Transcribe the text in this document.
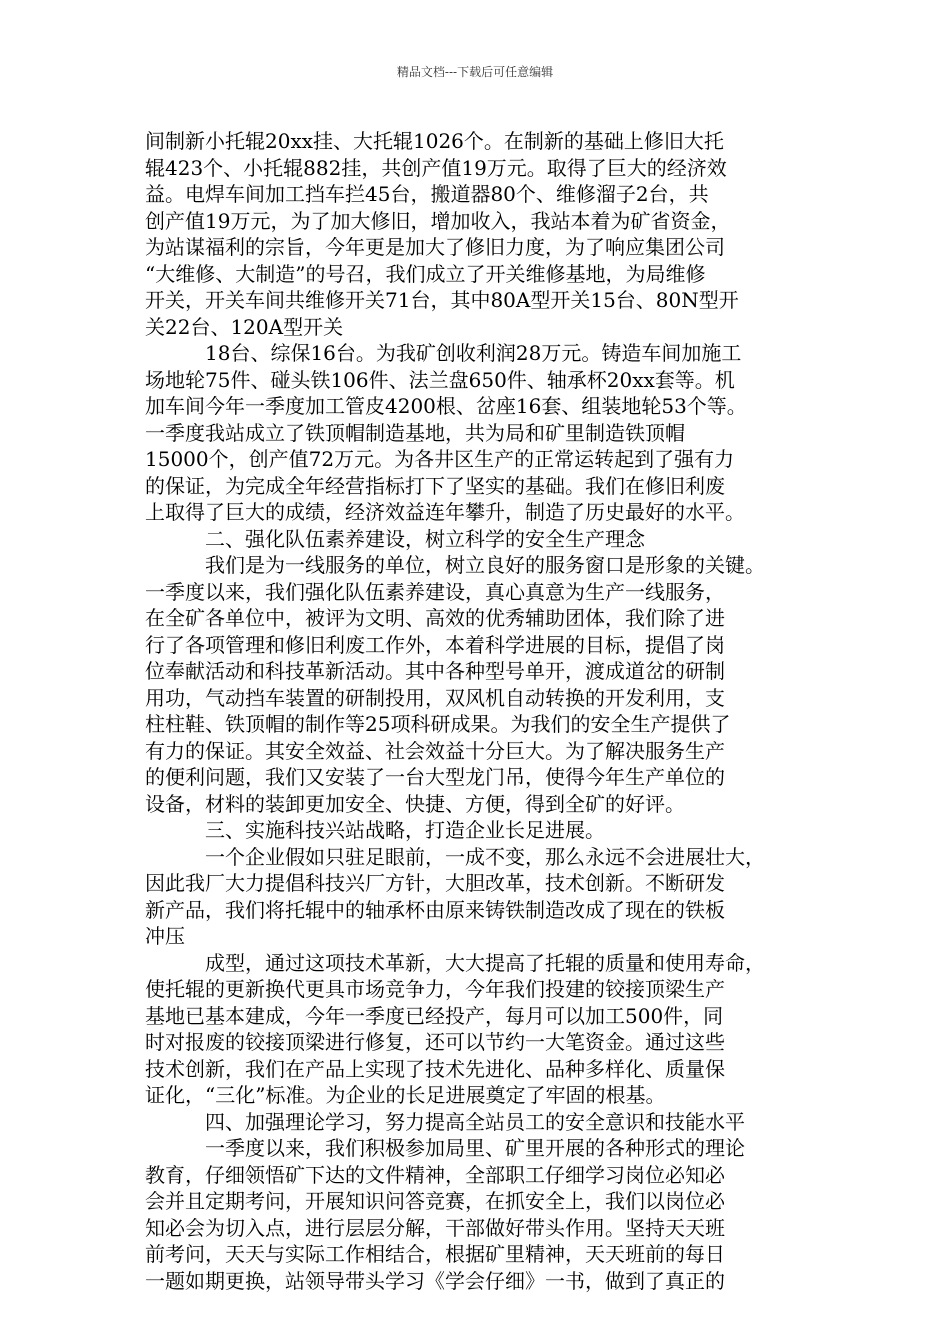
精品文档---下载后可任意编辑
间制新小托辊20xx挂、大托辊1026个。在制新的基础上修旧大托
辊423个、小托辊882挂，共创产值19万元。取得了巨大的经济效
益。电焊车间加工挡车拦45台，搬道器80个、维修溜子2台，共
创产值19万元，为了加大修旧，增加收入，我站本着为矿省资金，
为站谋福利的宗旨，今年更是加大了修旧力度，为了响应集团公司
“大维修、大制造”的号召，我们成立了开关维修基地，为局维修
开关，开关车间共维修开关71台，其中80A型开关15台、80N型开
关22台、120A型开关
18台、综保16台。为我矿创收利润28万元。铸造车间加施工
场地轮75件、碰头铁106件、法兰盘650件、轴承杯20xx套等。机
加车间今年一季度加工管皮4200根、岔座16套、组装地轮53个等。
一季度我站成立了铁顶帽制造基地，共为局和矿里制造铁顶帽
15000个，创产值72万元。为各井区生产的正常运转起到了强有力
的保证，为完成全年经营指标打下了坚实的基础。我们在修旧利废
上取得了巨大的成绩，经济效益连年攀升，制造了历史最好的水平。
二、强化队伍素养建设，树立科学的安全生产理念
我们是为一线服务的单位，树立良好的服务窗口是形象的关键。
一季度以来，我们强化队伍素养建设，真心真意为生产一线服务，
在全矿各单位中，被评为文明、高效的优秀辅助团体，我们除了进
行了各项管理和修旧利废工作外，本着科学进展的目标，提倡了岗
位奉献活动和科技革新活动。其中各种型号单开，渡成道岔的研制
用功，气动挡车装置的研制投用，双风机自动转换的开发利用，支
柱柱鞋、铁顶帽的制作等25项科研成果。为我们的安全生产提供了
有力的保证。其安全效益、社会效益十分巨大。为了解决服务生产
的便利问题，我们又安装了一台大型龙门吊，使得今年生产单位的
设备，材料的装卸更加安全、快捷、方便，得到全矿的好评。
三、实施科技兴站战略，打造企业长足进展。
一个企业假如只驻足眼前，一成不变，那么永远不会进展壮大，
因此我厂大力提倡科技兴厂方针，大胆改革，技术创新。不断研发
新产品，我们将托辊中的轴承杯由原来铸铁制造改成了现在的铁板
冲压
成型，通过这项技术革新，大大提高了托辊的质量和使用寿命，
使托辊的更新换代更具市场竞争力，今年我们投建的铰接顶梁生产
基地已基本建成，今年一季度已经投产，每月可以加工500件，同
时对报废的铰接顶梁进行修复，还可以节约一大笔资金。通过这些
技术创新，我们在产品上实现了技术先进化、品种多样化、质量保
证化，“三化”标准。为企业的长足进展奠定了牢固的根基。
四、加强理论学习，努力提高全站员工的安全意识和技能水平
一季度以来，我们积极参加局里、矿里开展的各种形式的理论
教育，仔细领悟矿下达的文件精神，全部职工仔细学习岗位必知必
会并且定期考问，开展知识问答竞赛，在抓安全上，我们以岗位必
知必会为切入点，进行层层分解，干部做好带头作用。坚持天天班
前考问，天天与实际工作相结合，根据矿里精神，天天班前的每日
一题如期更换，站领导带头学习《学会仔细》一书，做到了真正的
